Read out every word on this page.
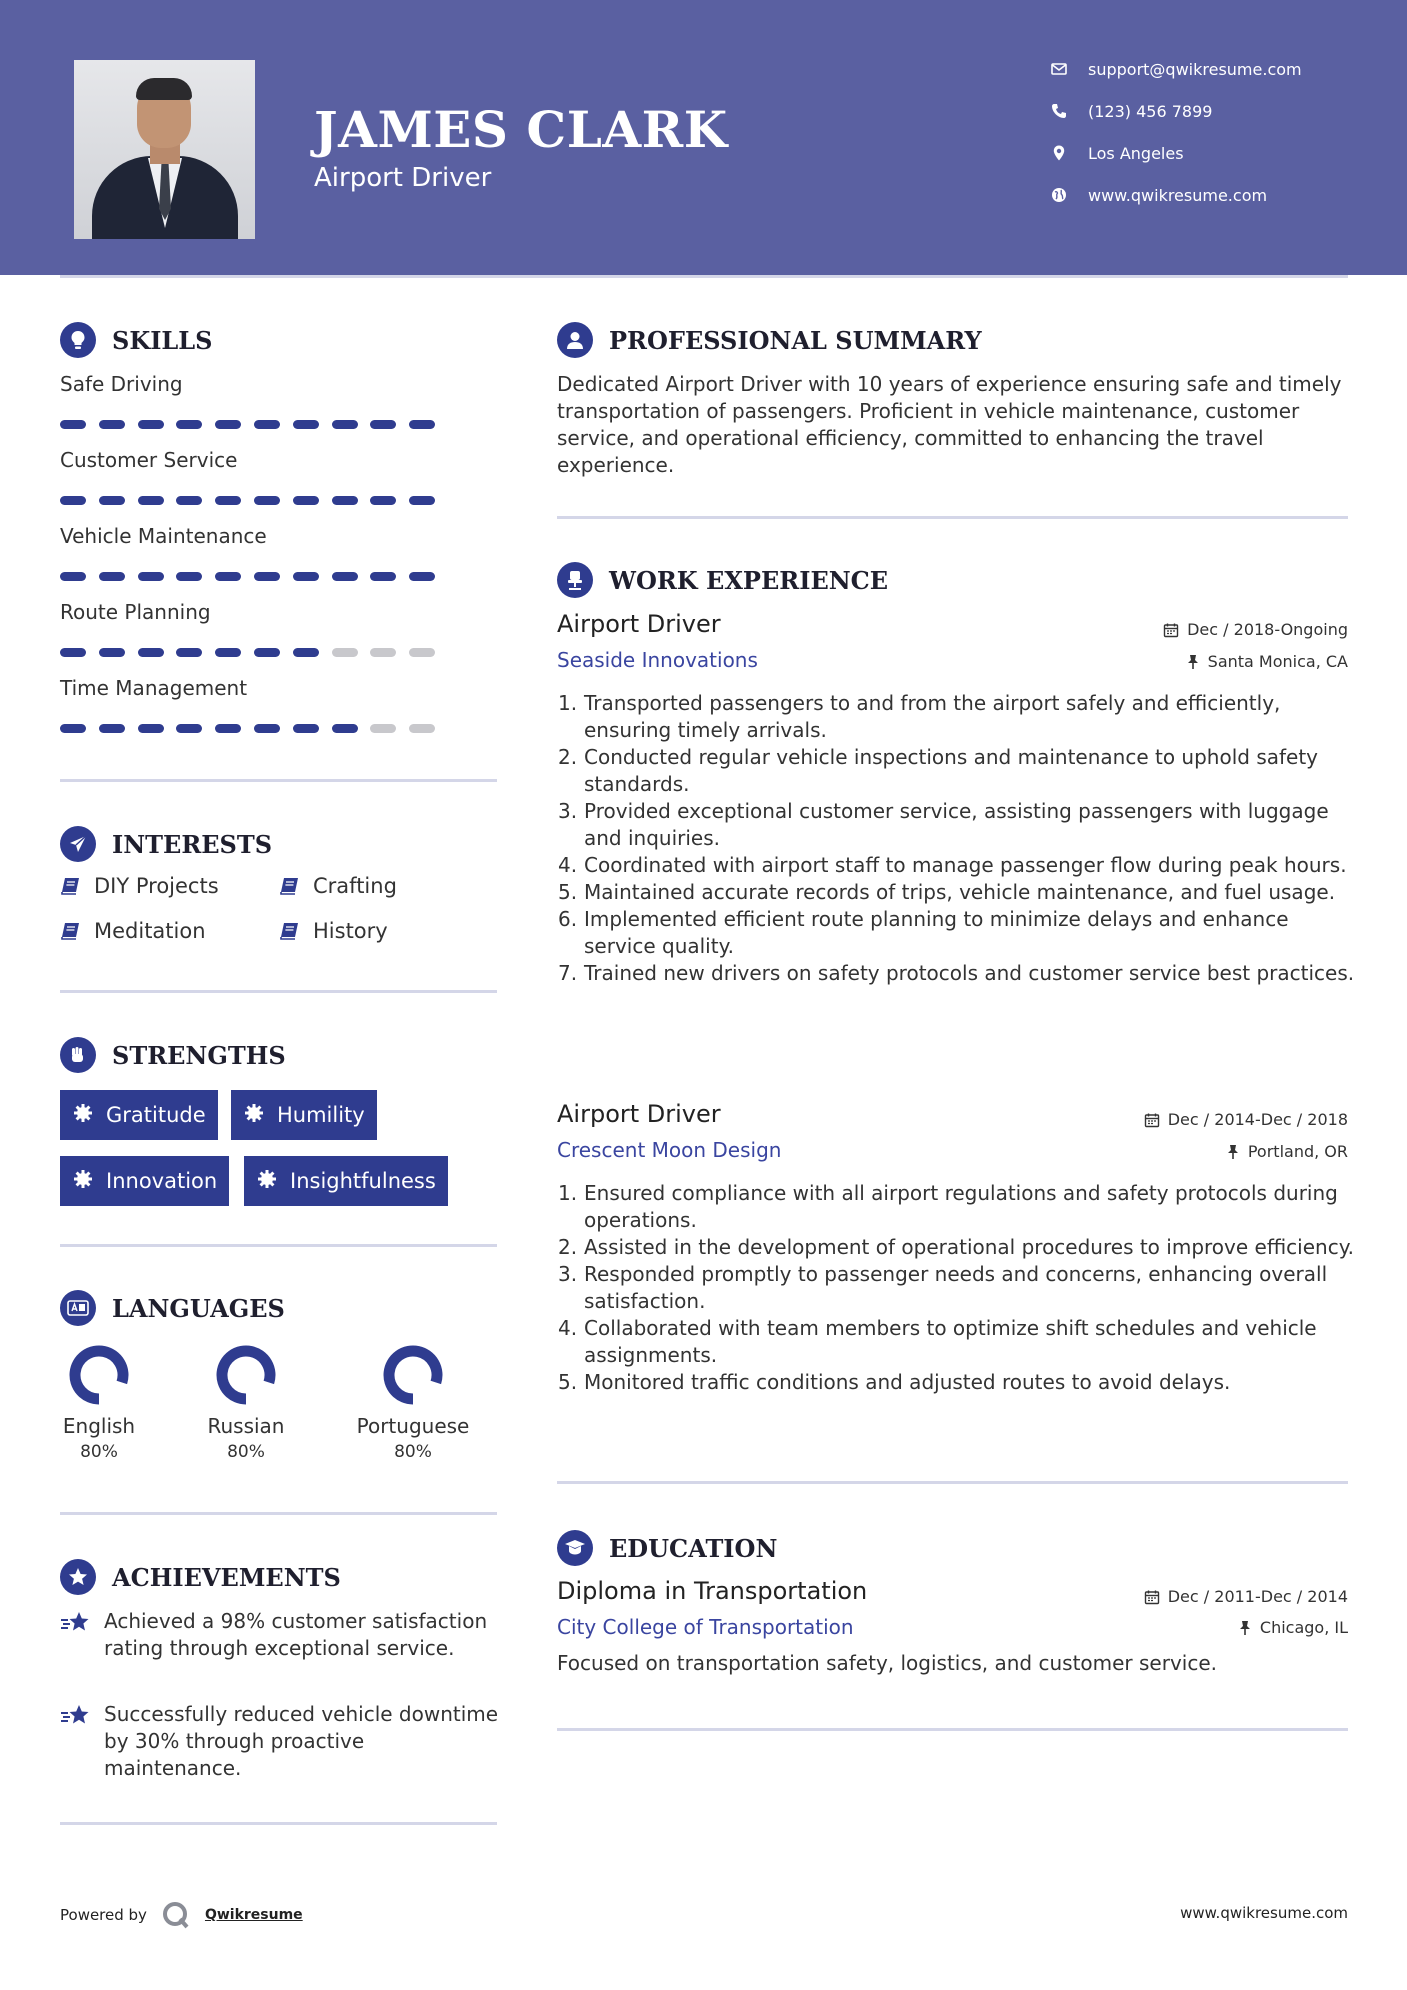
JAMES CLARK
Airport Driver
support@qwikresume.com
(123) 456 7899
Los Angeles
www.qwikresume.com
SKILLS
Safe Driving
Customer Service
Vehicle Maintenance
Route Planning
Time Management
INTERESTS
DIY Projects	Crafting
Meditation	History
STRENGTHS
Gratitude	Humility
Innovation	Insightfulness
LANGUAGES
English
80%
Russian
80%
Portuguese
80%
ACHIEVEMENTS
Achieved a 98% customer satisfaction rating through exceptional service.
Successfully reduced vehicle downtime by 30% through proactive maintenance.
PROFESSIONAL SUMMARY
Dedicated Airport Driver with 10 years of experience ensuring safe and timely transportation of passengers. Proficient in vehicle maintenance, customer service, and operational efficiency, committed to enhancing the travel experience.
WORK EXPERIENCE
Airport Driver	Dec / 2018-Ongoing
Seaside Innovations	Santa Monica, CA
1. Transported passengers to and from the airport safely and efficiently, ensuring timely arrivals.
2. Conducted regular vehicle inspections and maintenance to uphold safety standards.
3. Provided exceptional customer service, assisting passengers with luggage and inquiries.
4. Coordinated with airport staff to manage passenger flow during peak hours.
5. Maintained accurate records of trips, vehicle maintenance, and fuel usage.
6. Implemented efficient route planning to minimize delays and enhance service quality.
7. Trained new drivers on safety protocols and customer service best practices.
Airport Driver	Dec / 2014-Dec / 2018
Crescent Moon Design	Portland, OR
1. Ensured compliance with all airport regulations and safety protocols during operations.
2. Assisted in the development of operational procedures to improve efficiency.
3. Responded promptly to passenger needs and concerns, enhancing overall satisfaction.
4. Collaborated with team members to optimize shift schedules and vehicle assignments.
5. Monitored traffic conditions and adjusted routes to avoid delays.
EDUCATION
Diploma in Transportation	Dec / 2011-Dec / 2014
City College of Transportation	Chicago, IL
Focused on transportation safety, logistics, and customer service.
Powered by	Qwikresume	www.qwikresume.com
